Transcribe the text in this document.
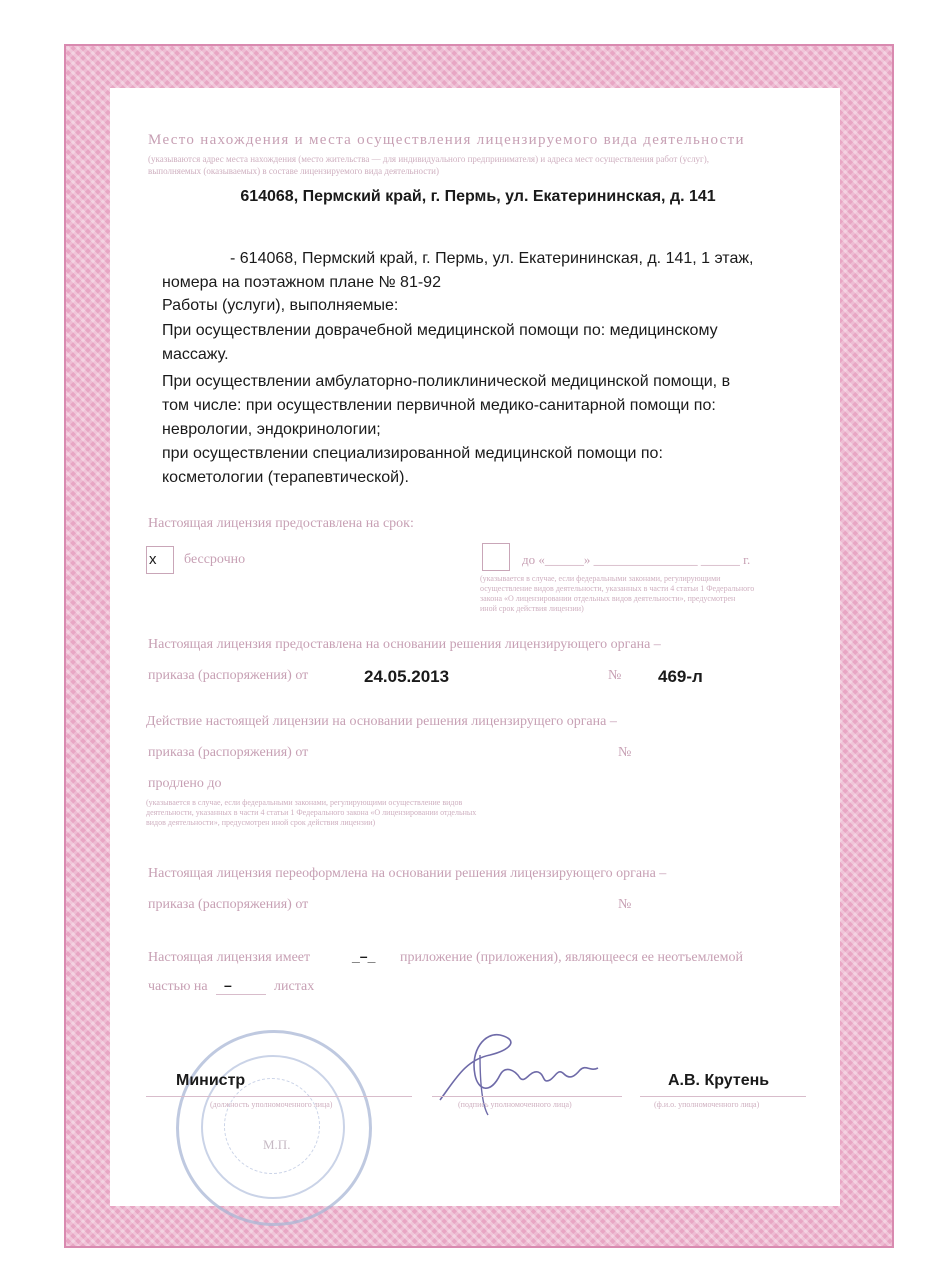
Место нахождения и места осуществления лицензируемого вида деятельности
(указываются адрес места нахождения (место жительства — для индивидуального предпринимателя) и адреса мест осуществления работ (услуг),
выполняемых (оказываемых) в составе лицензируемого вида деятельности)
614068, Пермский край, г. Пермь, ул. Екатерининская, д. 141
- 614068, Пермский край, г. Пермь, ул. Екатерининская, д. 141, 1 этаж,
номера на поэтажном плане № 81-92
Работы (услуги), выполняемые:
При осуществлении доврачебной медицинской помощи по: медицинскому
массажу.
При осуществлении амбулаторно-поликлинической медицинской помощи, в
том числе: при осуществлении первичной медико-санитарной помощи по:
неврологии, эндокринологии;
при осуществлении специализированной медицинской помощи по:
косметологии (терапевтической).
Настоящая лицензия предоставлена на срок:
x бессрочно	до «______» ________________ ______ г.
(указывается в случае, если федеральными законами, регулирующими
осуществление видов деятельности, указанных в части 4 статьи 1 Федерального
закона «О лицензировании отдельных видов деятельности», предусмотрен
иной срок действия лицензии)
Настоящая лицензия предоставлена на основании решения лицензирующего органа –
приказа (распоряжения) от	24.05.2013	№ 469-л
Действие настоящей лицензии на основании решения лицензирущего органа –
приказа (распоряжения) от	№
продлено до
(указывается в случае, если федеральными законами, регулирующими осуществление видов
деятельности, указанных в части 4 статьи 1 Федерального закона «О лицензировании отдельных
видов деятельности», предусмотрен иной срок действия лицензии)
Настоящая лицензия переоформлена на основании решения лицензирующего органа –
приказа (распоряжения) от	№
Настоящая лицензия имеет	_–_ приложение (приложения), являющееся ее неотъемлемой
частью на –	листах
М.П.
Министр
(должность уполномоченного лица)	(подпись уполномоченного лица)
А.В. Крутень
(ф.и.о. уполномоченного лица)
